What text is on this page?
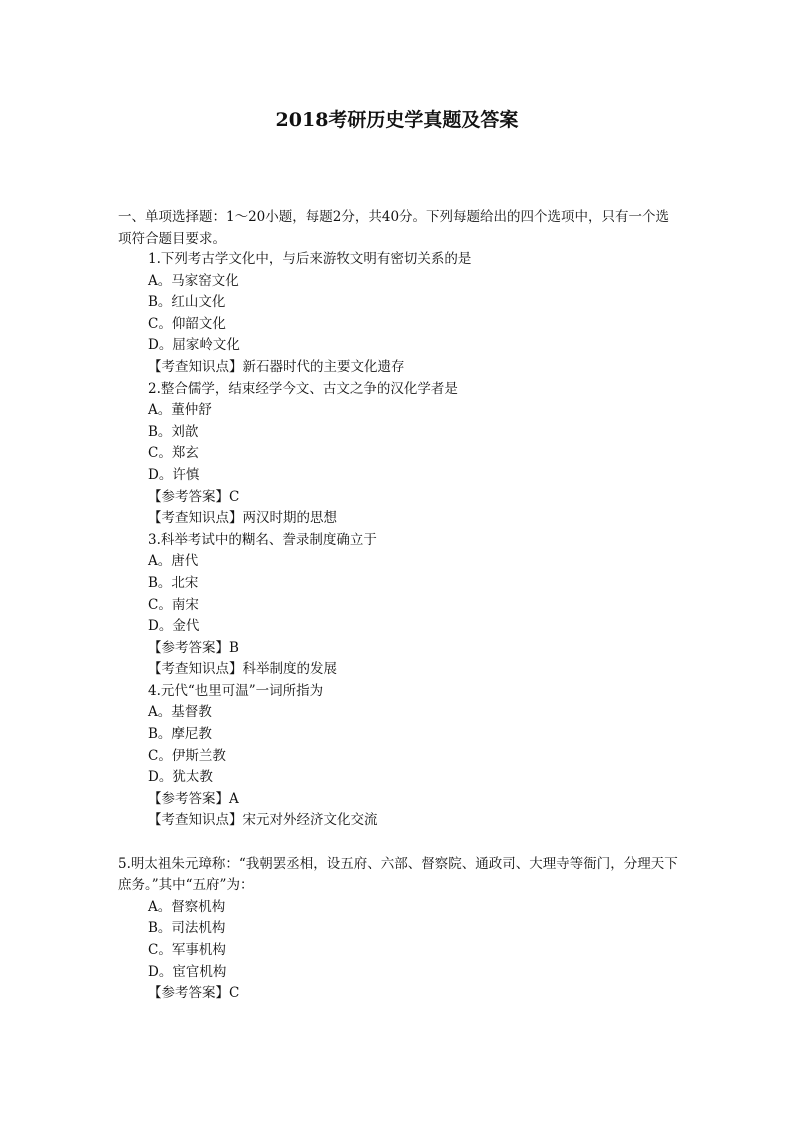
2018考研历史学真题及答案
一、单项选择题：1～20小题，每题2分，共40分。下列每题给出的四个选项中，只有一个选项符合题目要求。
1.下列考古学文化中，与后来游牧文明有密切关系的是
A。马家窑文化
B。红山文化
C。仰韶文化
D。屈家岭文化
【考查知识点】新石器时代的主要文化遗存
2.整合儒学，结束经学今文、古文之争的汉化学者是
A。董仲舒
B。刘歆
C。郑玄
D。许慎
【参考答案】C
【考查知识点】两汉时期的思想
3.科举考试中的糊名、誊录制度确立于
A。唐代
B。北宋
C。南宋
D。金代
【参考答案】B
【考查知识点】科举制度的发展
4.元代“也里可温”一词所指为
A。基督教
B。摩尼教
C。伊斯兰教
D。犹太教
【参考答案】A
【考查知识点】宋元对外经济文化交流
5.明太祖朱元璋称：“我朝罢丞相，设五府、六部、督察院、通政司、大理寺等衙门，分理天下庶务。”其中“五府”为：
A。督察机构
B。司法机构
C。军事机构
D。宦官机构
【参考答案】C
